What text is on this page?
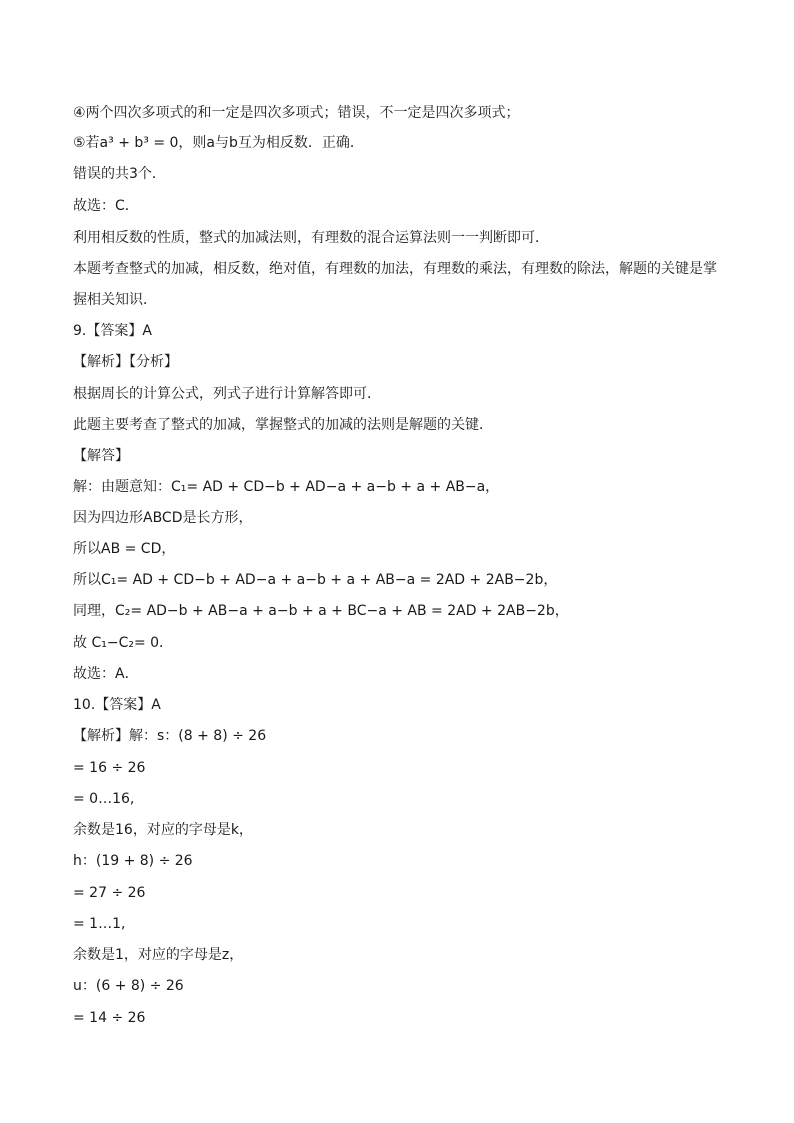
④两个四次多项式的和一定是四次多项式；错误，不一定是四次多项式；
⑤若a³ + b³ = 0，则a与b互为相反数．正确．
错误的共3个．
故选：C．
利用相反数的性质，整式的加减法则，有理数的混合运算法则一一判断即可．
本题考查整式的加减，相反数，绝对值，有理数的加法，有理数的乘法，有理数的除法，解题的关键是掌
握相关知识．
9.【答案】A
【解析】【分析】
根据周长的计算公式，列式子进行计算解答即可．
此题主要考查了整式的加减，掌握整式的加减的法则是解题的关键．
【解答】
解：由题意知：C₁= AD + CD−b + AD−a + a−b + a + AB−a，
因为四边形ABCD是长方形，
所以AB = CD，
所以C₁= AD + CD−b + AD−a + a−b + a + AB−a = 2AD + 2AB−2b，
同理，C₂= AD−b + AB−a + a−b + a + BC−a + AB = 2AD + 2AB−2b，
故 C₁−C₂= 0．
故选：A．
10.【答案】A
【解析】解：s：(8 + 8) ÷ 26
= 16 ÷ 26
= 0…16,
余数是16，对应的字母是k，
h：(19 + 8) ÷ 26
= 27 ÷ 26
= 1…1,
余数是1，对应的字母是z，
u：(6 + 8) ÷ 26
= 14 ÷ 26
